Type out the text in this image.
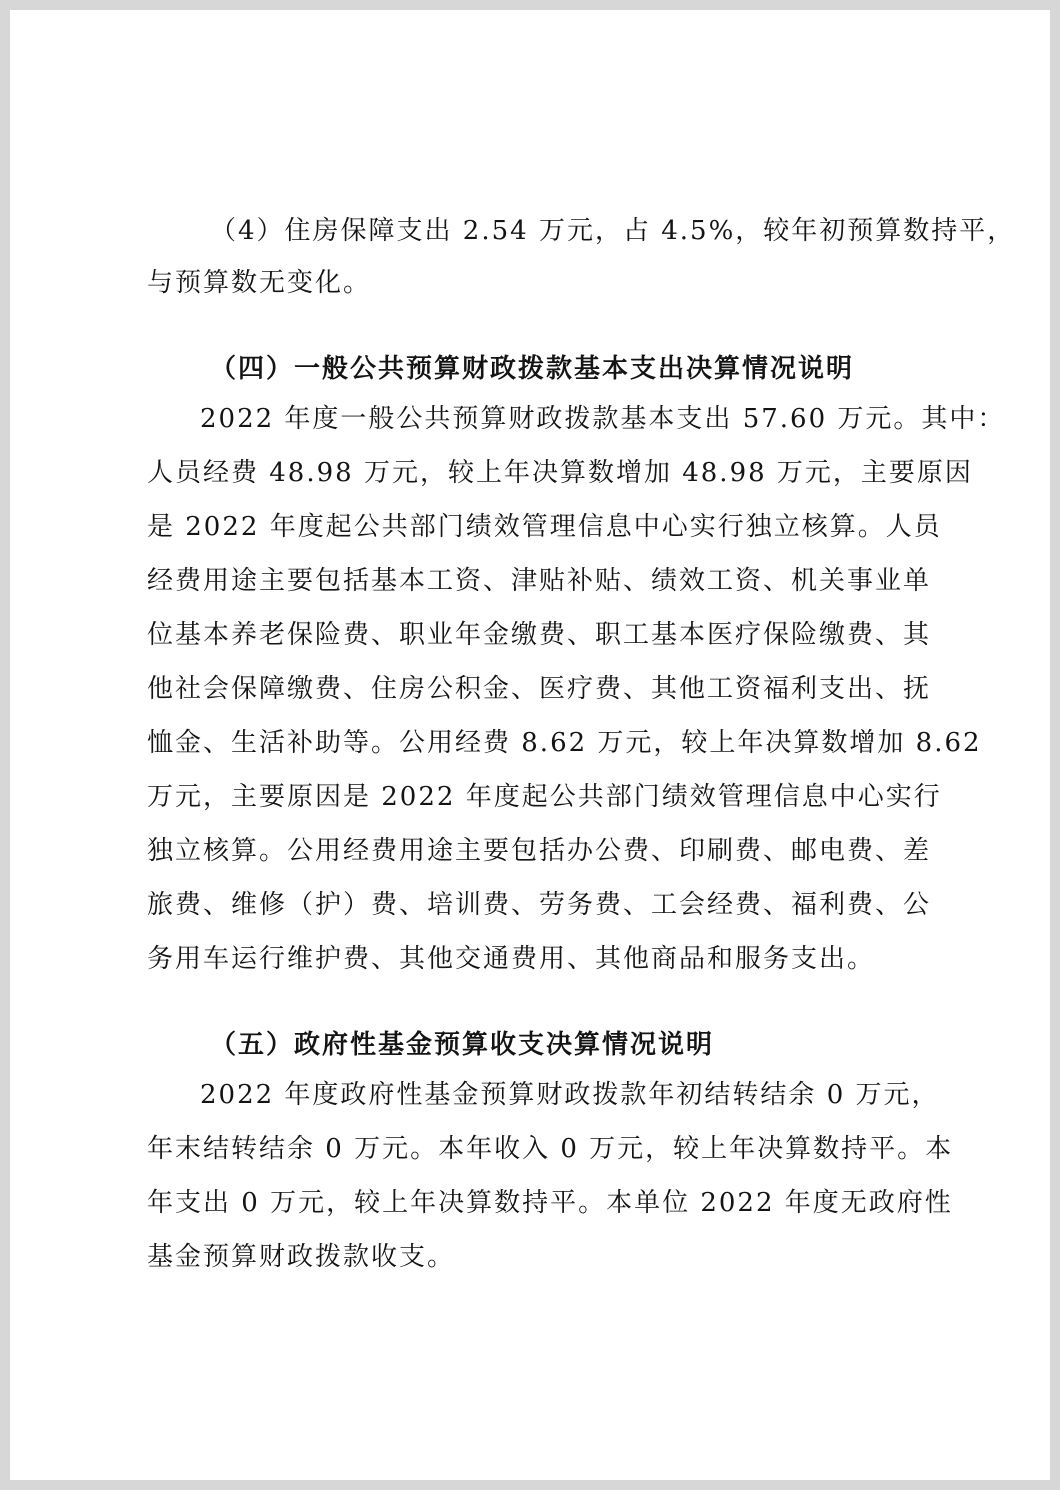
（4）住房保障支出 2.54 万元，占 4.5%，较年初预算数持平，

与预算数无变化。

（四）一般公共预算财政拨款基本支出决算情况说明

2022 年度一般公共预算财政拨款基本支出 57.60 万元。其中：

人员经费 48.98 万元，较上年决算数增加 48.98 万元，主要原因

是 2022 年度起公共部门绩效管理信息中心实行独立核算。人员

经费用途主要包括基本工资、津贴补贴、绩效工资、机关事业单

位基本养老保险费、职业年金缴费、职工基本医疗保险缴费、其

他社会保障缴费、住房公积金、医疗费、其他工资福利支出、抚

恤金、生活补助等。公用经费 8.62 万元，较上年决算数增加 8.62

万元，主要原因是 2022 年度起公共部门绩效管理信息中心实行

独立核算。公用经费用途主要包括办公费、印刷费、邮电费、差

旅费、维修（护）费、培训费、劳务费、工会经费、福利费、公

务用车运行维护费、其他交通费用、其他商品和服务支出。

（五）政府性基金预算收支决算情况说明

2022 年度政府性基金预算财政拨款年初结转结余 0 万元，

年末结转结余 0 万元。本年收入 0 万元，较上年决算数持平。本

年支出 0 万元，较上年决算数持平。本单位 2022 年度无政府性

基金预算财政拨款收支。
